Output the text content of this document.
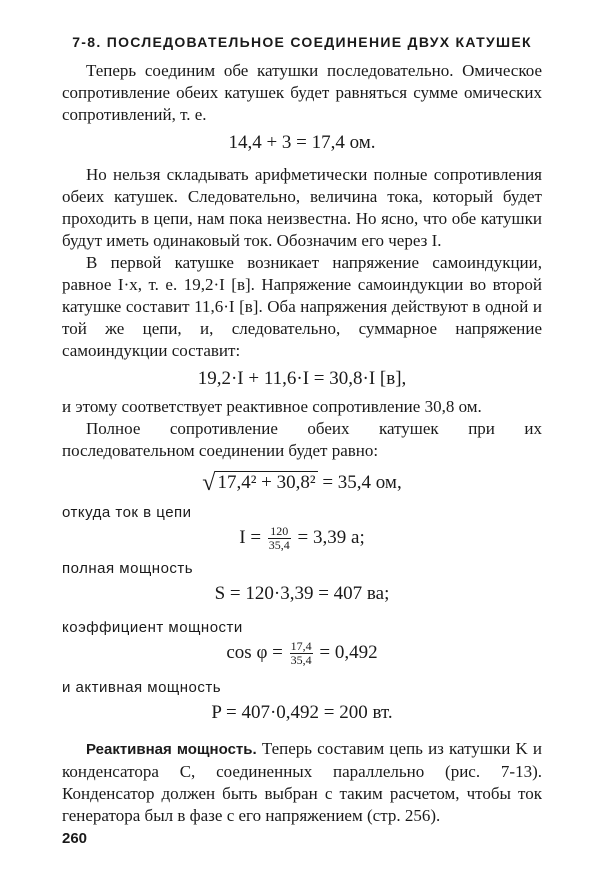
7-8. ПОСЛЕДОВАТЕЛЬНОЕ СОЕДИНЕНИЕ ДВУХ КАТУШЕК

Теперь соединим обе катушки последовательно. Омическое сопротивление обеих катушек будет равняться сумме омических сопротивлений, т. е.

14,4 + 3 = 17,4 ом.

Но нельзя складывать арифметически полные сопротивления обеих катушек. Следовательно, величина тока, который будет проходить в цепи, нам пока неизвестна. Но ясно, что обе катушки будут иметь одинаковый ток. Обозначим его через I.

В первой катушке возникает напряжение самоиндукции, равное I·x, т. е. 19,2·I [в]. Напряжение самоиндукции во второй катушке составит 11,6·I [в]. Оба напряжения действуют в одной и той же цепи, и, следовательно, суммарное напряжение самоиндукции составит:

19,2·I + 11,6·I = 30,8·I [в],

и этому соответствует реактивное сопротивление 30,8 ом.

Полное сопротивление обеих катушек при их последовательном соединении будет равно:

√ 17,4² + 30,8² = 35,4 ом,

откуда ток в цепи

$I = \frac{120}{35,4} = 3,39$ а;

полная мощность

S = 120·3,39 = 407 ва;

коэффициент мощности

$\cos \varphi = \frac{17,4}{35,4} = 0,492$

и активная мощность

P = 407·0,492 = 200 вт.

Реактивная мощность. Теперь составим цепь из катушки K и конденсатора C, соединенных параллельно (рис. 7-13). Конденсатор должен быть выбран с таким расчетом, чтобы ток генератора был в фазе с его напряжением (стр. 256).

260
